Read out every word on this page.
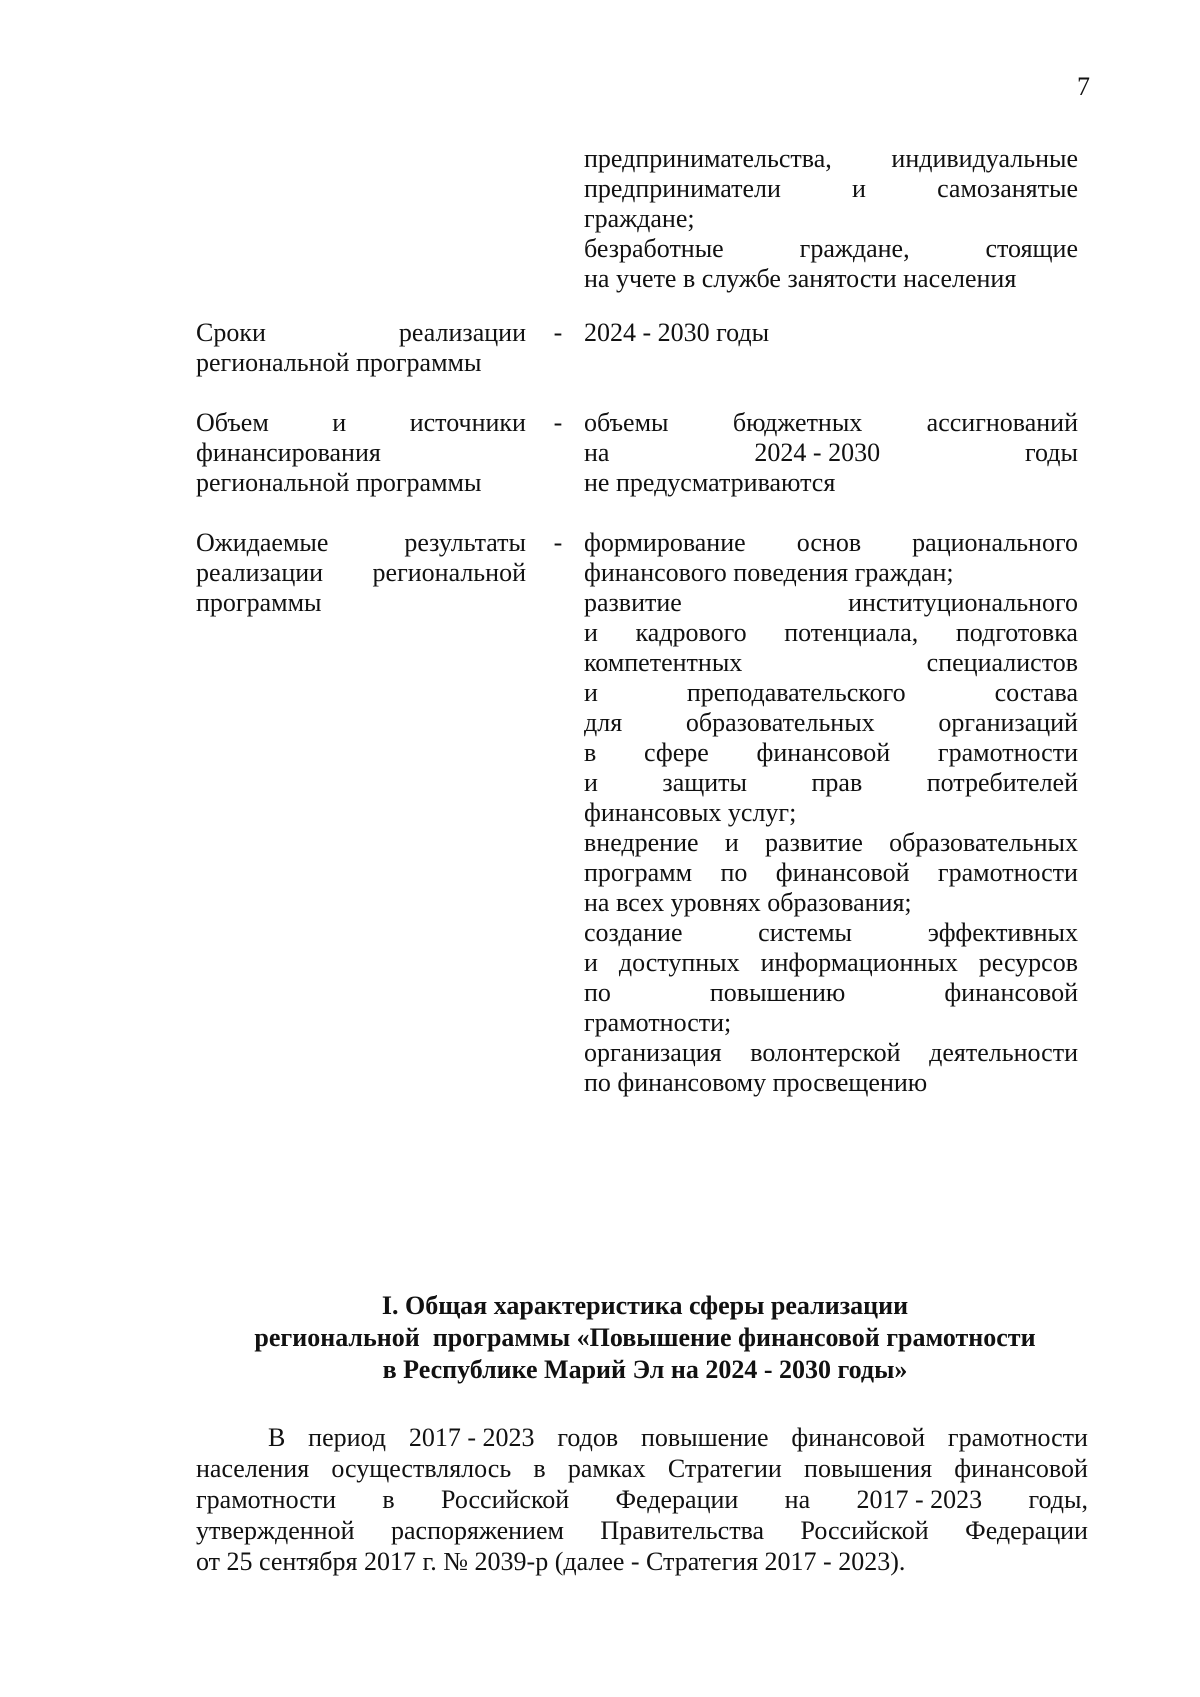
7
предпринимательства, индивидуальные
предприниматели	и	самозанятые
граждане;
безработные	граждане,	стоящие
на учете в службе занятости населения
Сроки	реализации
региональной программы
- 2024 - 2030 годы
Объем и источники
финансирования
региональной программы
- объемы бюджетных ассигнований
на	2024 - 2030	годы
не предусматриваются
Ожидаемые	результаты
реализации региональной
программы
- формирование основ рационального
финансового поведения граждан;
развитие	институционального
и кадрового потенциала, подготовка
компетентных	специалистов
и	преподавательского	состава
для образовательных организаций
в сфере финансовой грамотности
и защиты прав потребителей
финансовых услуг;
внедрение и развитие образовательных
программ по финансовой грамотности
на всех уровнях образования;
создание	системы	эффективных
и доступных информационных ресурсов
по	повышению	финансовой
грамотности;
организация волонтерской деятельности
по финансовому просвещению
I. Общая характеристика сферы реализации
региональной  программы «Повышение финансовой грамотности
в Республике Марий Эл на 2024 - 2030 годы»
В период 2017 - 2023 годов повышение финансовой грамотности
населения осуществлялось в рамках Стратегии повышения финансовой
грамотности в Российской Федерации на 2017 - 2023 годы,
утвержденной распоряжением Правительства Российской Федерации
от 25 сентября 2017 г. № 2039-р (далее - Стратегия 2017 - 2023).
